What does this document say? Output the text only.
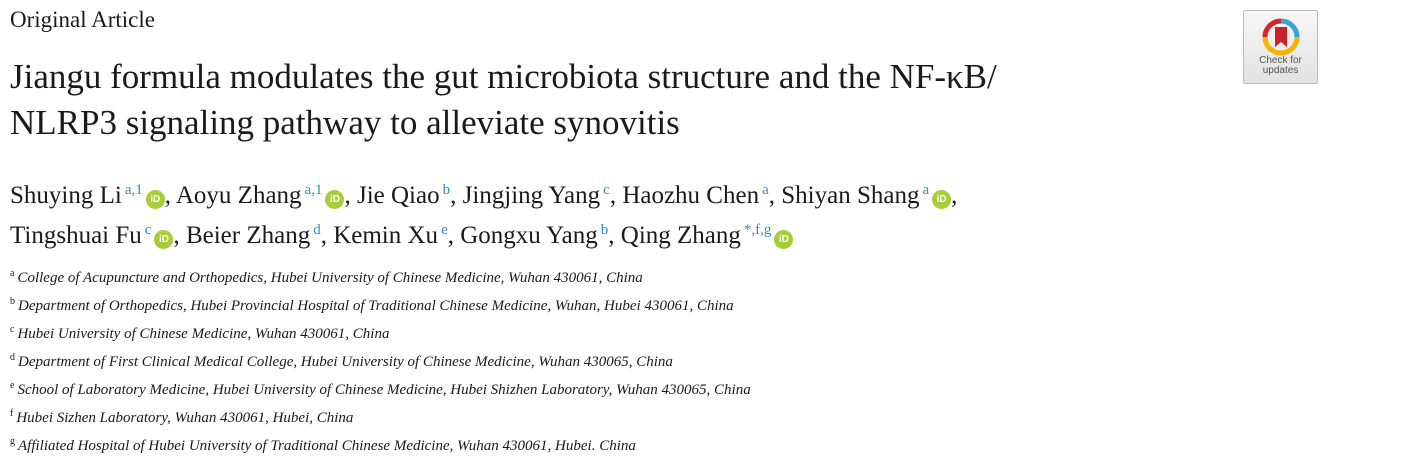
Original Article
Jiangu formula modulates the gut microbiota structure and the NF-κB/
NLRP3 signaling pathway to alleviate synovitis
Check for
updates
Shuying Li $^{a,1}$iD , Aoyu Zhang $^{a,1}$iD , Jie Qiao $^b$, Jingjing Yang $^c$, Haozhu Chen $^a$, Shiyan Shang $^a$iD ,
Tingshuai Fu $^c$iD , Beier Zhang $^d$, Kemin Xu $^e$, Gongxu Yang $^b$, Qing Zhang $^{*,f,g}$iD
$^a$ College of Acupuncture and Orthopedics, Hubei University of Chinese Medicine, Wuhan 430061, China
$^b$ Department of Orthopedics, Hubei Provincial Hospital of Traditional Chinese Medicine, Wuhan, Hubei 430061, China
$^c$ Hubei University of Chinese Medicine, Wuhan 430061, China
$^d$ Department of First Clinical Medical College, Hubei University of Chinese Medicine, Wuhan 430065, China
$^e$ School of Laboratory Medicine, Hubei University of Chinese Medicine, Hubei Shizhen Laboratory, Wuhan 430065, China
$^f$ Hubei Sizhen Laboratory, Wuhan 430061, Hubei, China
$^g$ Affiliated Hospital of Hubei University of Traditional Chinese Medicine, Wuhan 430061, Hubei. China
